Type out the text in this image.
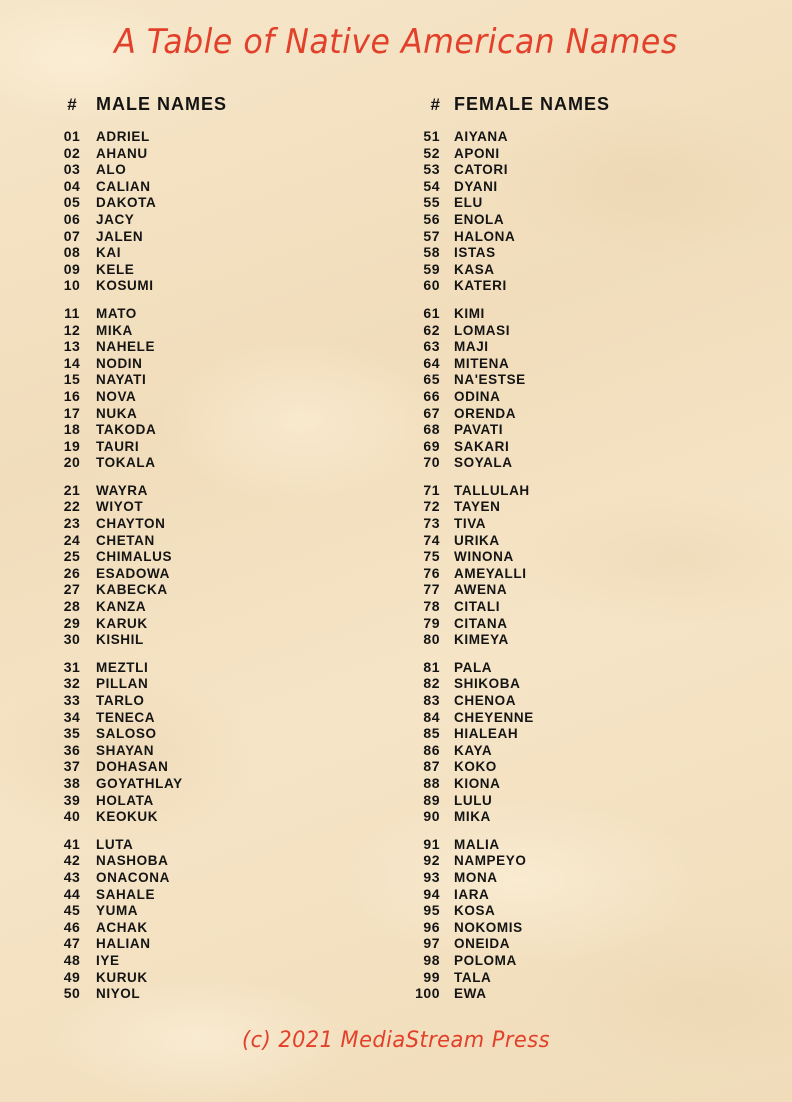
A Table of Native American Names
#	MALE NAMES
01	ADRIEL
02	AHANU
03	ALO
04	CALIAN
05	DAKOTA
06	JACY
07	JALEN
08	KAI
09	KELE
10	KOSUMI
11	MATO
12	MIKA
13	NAHELE
14	NODIN
15	NAYATI
16	NOVA
17	NUKA
18	TAKODA
19	TAURI
20	TOKALA
21	WAYRA
22	WIYOT
23	CHAYTON
24	CHETAN
25	CHIMALUS
26	ESADOWA
27	KABECKA
28	KANZA
29	KARUK
30	KISHIL
31	MEZTLI
32	PILLAN
33	TARLO
34	TENECA
35	SALOSO
36	SHAYAN
37	DOHASAN
38	GOYATHLAY
39	HOLATA
40	KEOKUK
41	LUTA
42	NASHOBA
43	ONACONA
44	SAHALE
45	YUMA
46	ACHAK
47	HALIAN
48	IYE
49	KURUK
50	NIYOL
# FEMALE NAMES
51	AIYANA
52	APONI
53	CATORI
54	DYANI
55	ELU
56	ENOLA
57	HALONA
58	ISTAS
59	KASA
60	KATERI
61	KIMI
62	LOMASI
63	MAJI
64	MITENA
65	NA'ESTSE
66	ODINA
67	ORENDA
68	PAVATI
69	SAKARI
70	SOYALA
71	TALLULAH
72	TAYEN
73	TIVA
74	URIKA
75	WINONA
76	AMEYALLI
77	AWENA
78	CITALI
79	CITANA
80	KIMEYA
81	PALA
82	SHIKOBA
83	CHENOA
84	CHEYENNE
85	HIALEAH
86	KAYA
87	KOKO
88	KIONA
89	LULU
90	MIKA
91	MALIA
92	NAMPEYO
93	MONA
94	IARA
95	KOSA
96	NOKOMIS
97	ONEIDA
98	POLOMA
99	TALA
100	EWA
(c) 2021 MediaStream Press
